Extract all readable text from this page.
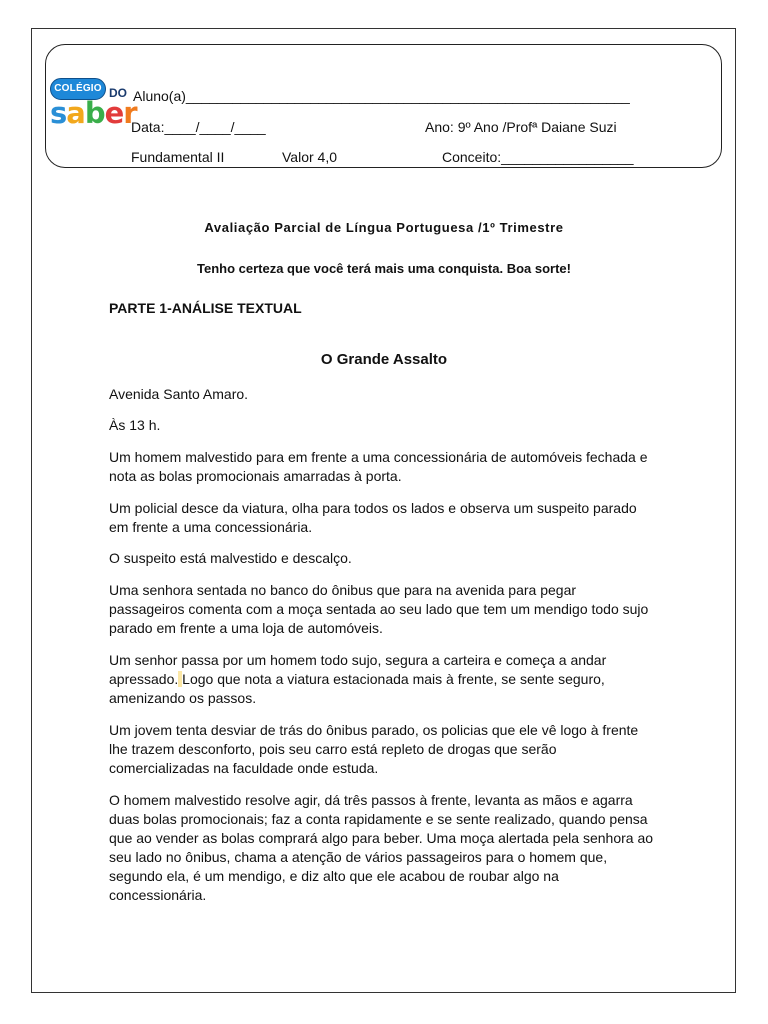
COLÉGIO DO
saber
Aluno(a)_________________________________________________________
Data:____/____/____	Ano: 9º Ano /Profª Daiane Suzi
Fundamental II	Valor 4,0	Conceito:_________________
Avaliação Parcial de Língua Portuguesa /1º Trimestre
Tenho certeza que você terá mais uma conquista. Boa sorte!
PARTE 1-ANÁLISE TEXTUAL
O Grande Assalto
Avenida Santo Amaro.
Às 13 h.
Um homem malvestido para em frente a uma concessionária de automóveis fechada e nota as bolas promocionais amarradas à porta.
Um policial desce da viatura, olha para todos os lados e observa um suspeito parado em frente a uma concessionária.
O suspeito está malvestido e descalço.
Uma senhora sentada no banco do ônibus que para na avenida para pegar passageiros comenta com a moça sentada ao seu lado que tem um mendigo todo sujo parado em frente a uma loja de automóveis.
Um senhor passa por um homem todo sujo, segura a carteira e começa a andar apressado. Logo que nota a viatura estacionada mais à frente, se sente seguro, amenizando os passos.
Um jovem tenta desviar de trás do ônibus parado, os policias que ele vê logo à frente lhe trazem desconforto, pois seu carro está repleto de drogas que serão comercializadas na faculdade onde estuda.
O homem malvestido resolve agir, dá três passos à frente, levanta as mãos e agarra duas bolas promocionais; faz a conta rapidamente e se sente realizado, quando pensa que ao vender as bolas comprará algo para beber. Uma moça alertada pela senhora ao seu lado no ônibus, chama a atenção de vários passageiros para o homem que, segundo ela, é um mendigo, e diz alto que ele acabou de roubar algo na concessionária.
